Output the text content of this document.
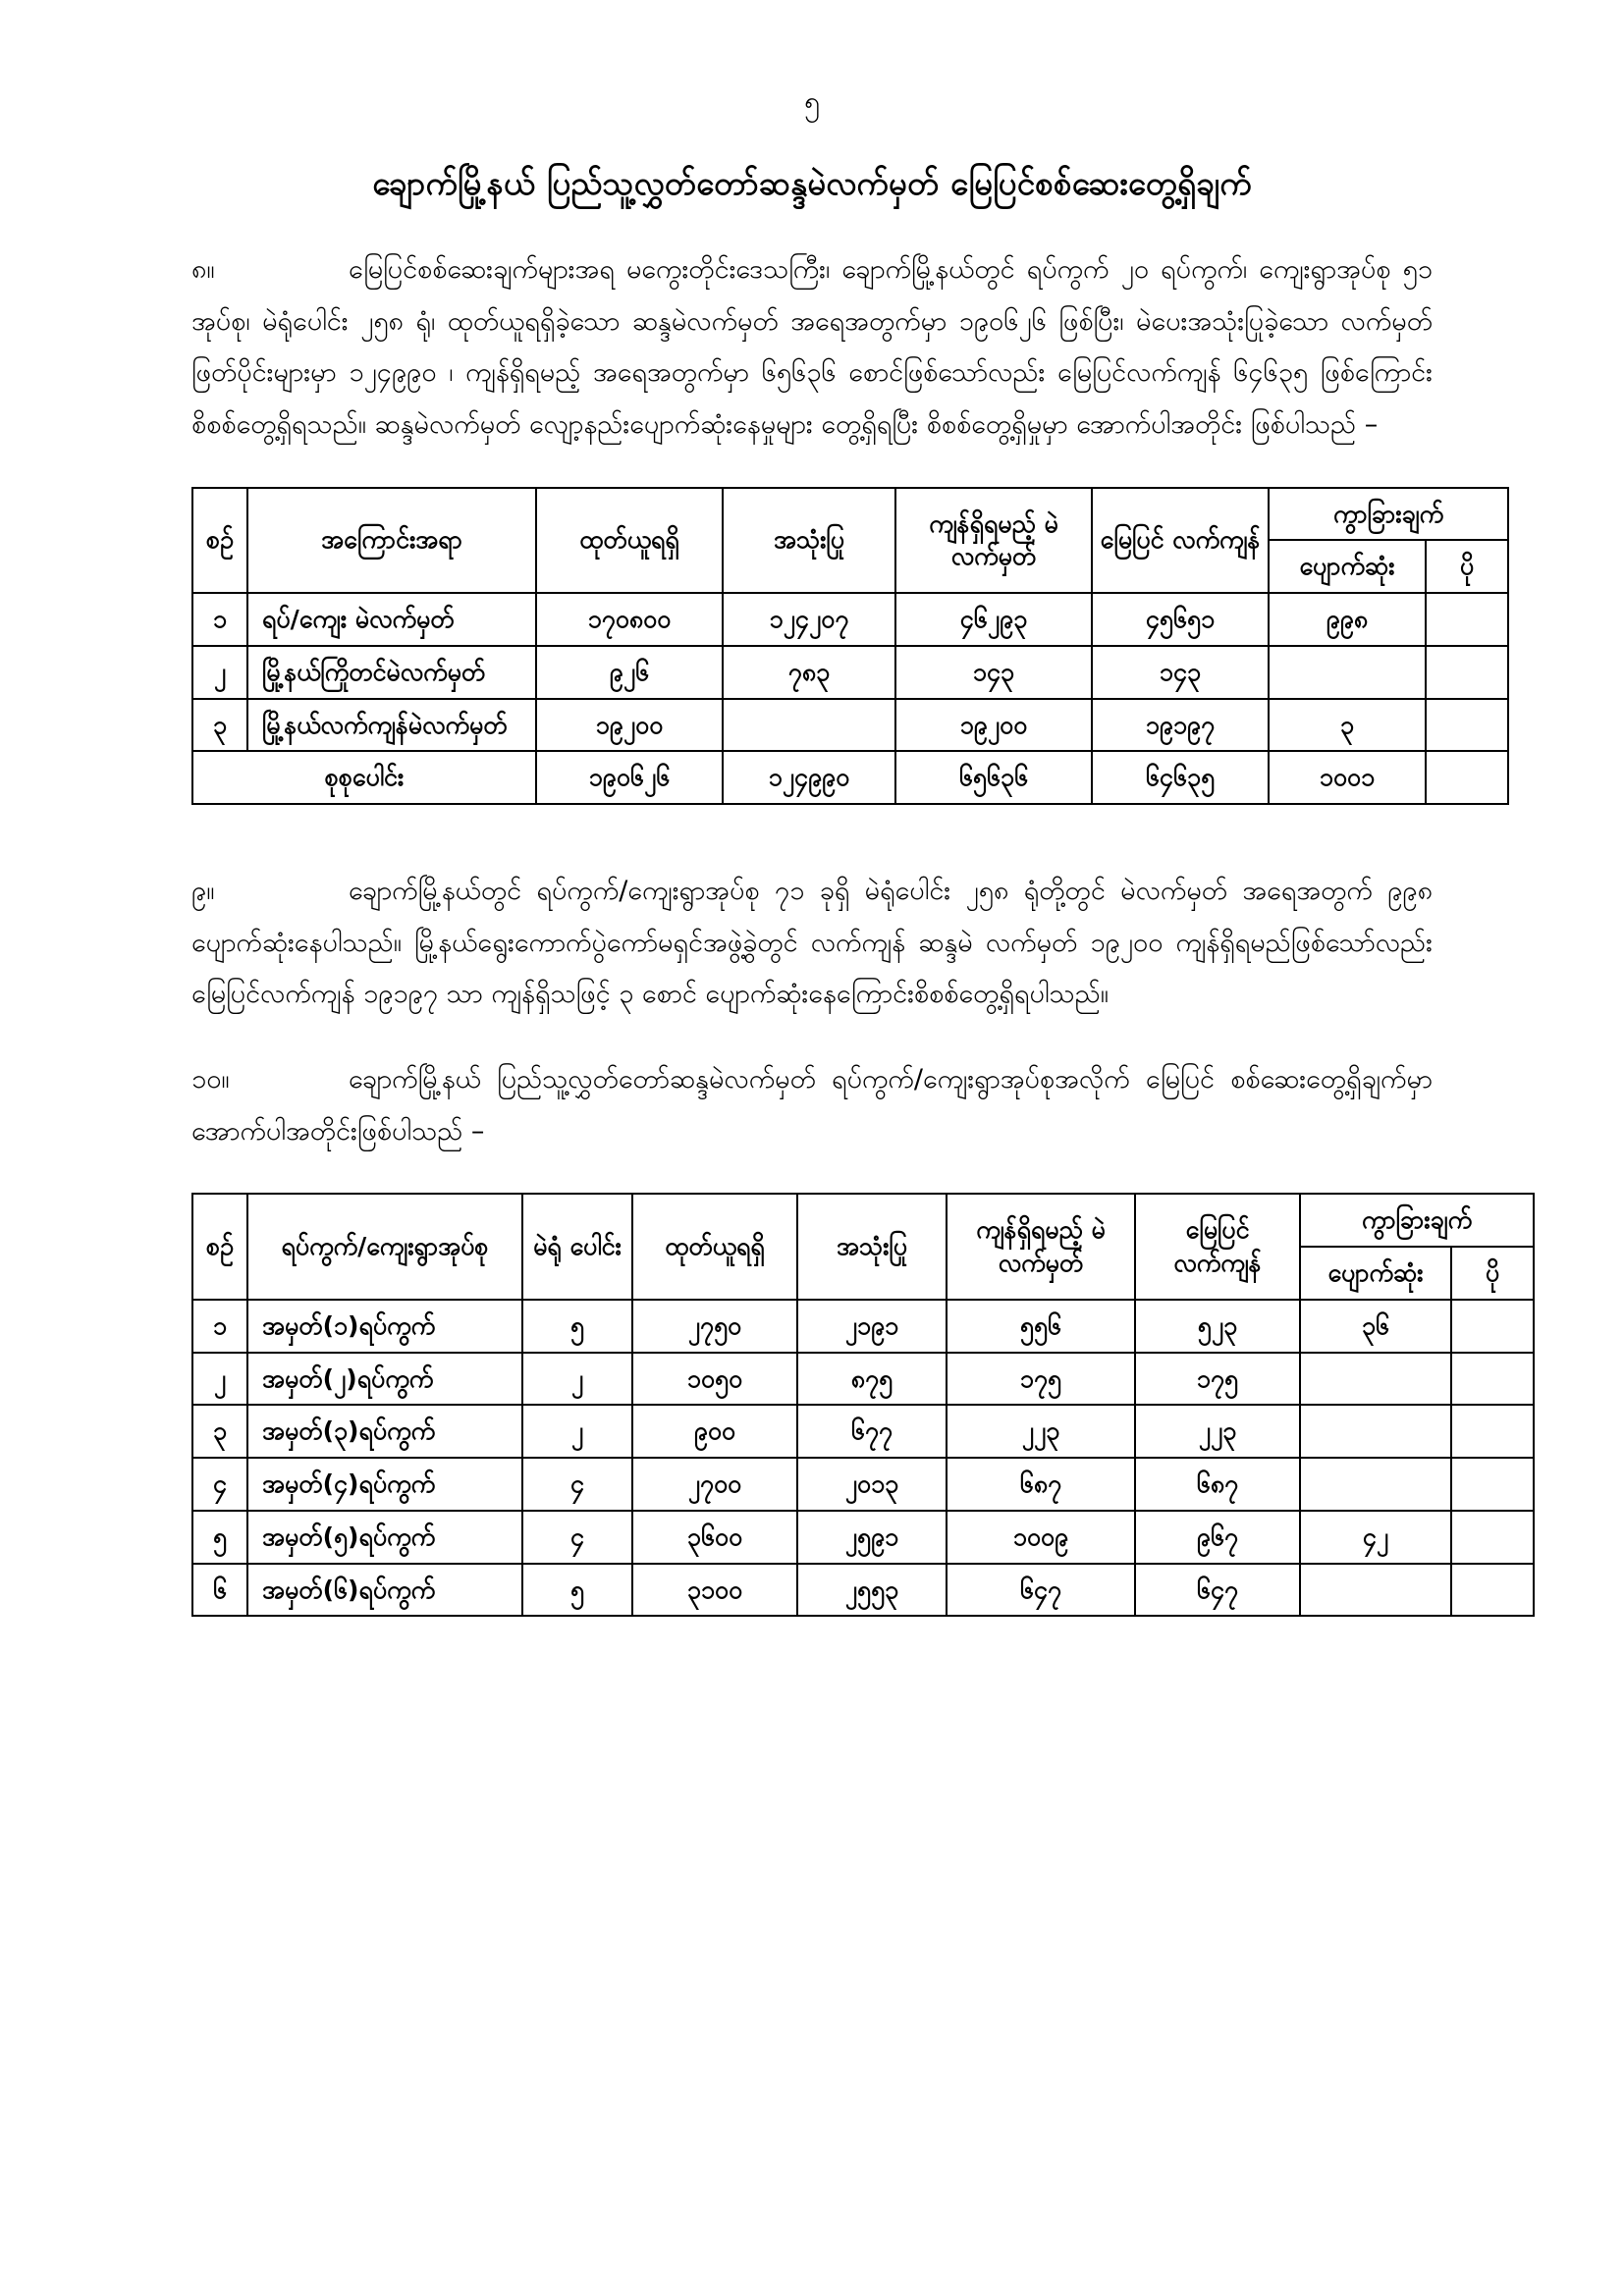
၅
ချောက်မြို့နယ် ပြည်သူ့လွှတ်တော်ဆန္ဒမဲလက်မှတ် မြေပြင်စစ်ဆေးတွေ့ရှိချက်
၈။	မြေပြင်စစ်ဆေးချက်များအရ မကွေးတိုင်းဒေသကြီး၊ ချောက်မြို့နယ်တွင် ရပ်ကွက် ၂၀ ရပ်ကွက်၊ ကျေးရွာအုပ်စု ၅၁ အုပ်စု၊ မဲရုံပေါင်း ၂၅၈ ရုံ၊ ထုတ်ယူရရှိခဲ့သော ဆန္ဒမဲလက်မှတ် အရေအတွက်မှာ ၁၉၀၆၂၆ ဖြစ်ပြီး၊ မဲပေးအသုံးပြုခဲ့သော လက်မှတ်ဖြတ်ပိုင်းများမှာ ၁၂၄၉၉၀ ၊ ကျန်ရှိရမည့် အရေအတွက်မှာ ၆၅၆၃၆ စောင်ဖြစ်သော်လည်း မြေပြင်လက်ကျန် ၆၄၆၃၅ ဖြစ်ကြောင်း စိစစ်တွေ့ရှိရသည်။ ဆန္ဒမဲလက်မှတ် လျော့နည်းပျောက်ဆုံးနေမှုများ တွေ့ရှိရပြီး စိစစ်တွေ့ရှိမှုမှာ အောက်ပါအတိုင်း ဖြစ်ပါသည် –
စဉ်	အကြောင်းအရာ	ထုတ်ယူရရှိ	အသုံးပြု	ကျန်ရှိရမည့် မဲလက်မှတ်	မြေပြင် လက်ကျန်	ကွာခြားချက်	
						ပျောက်ဆုံး	ပို
၁	ရပ်/ကျေး မဲလက်မှတ်	၁၇၀၈၀၀	၁၂၄၂၀၇	၄၆၂၉၃	၄၅၆၅၁	၉၉၈	
၂	မြို့နယ်ကြိုတင်မဲလက်မှတ်	၉၂၆	၇၈၃	၁၄၃	၁၄၃		
၃	မြို့နယ်လက်ကျန်မဲလက်မှတ်	၁၉၂၀၀		၁၉၂၀၀	၁၉၁၉၇	၃	
စုစုပေါင်း		၁၉၀၆၂၆	၁၂၄၉၉၀	၆၅၆၃၆	၆၄၆၃၅	၁၀၀၁	
၉။	ချောက်မြို့နယ်တွင် ရပ်ကွက်/ကျေးရွာအုပ်စု ၇၁ ခုရှိ မဲရုံပေါင်း ၂၅၈ ရုံတို့တွင် မဲလက်မှတ် အရေအတွက် ၉၉၈ ပျောက်ဆုံးနေပါသည်။ မြို့နယ်ရွေးကောက်ပွဲကော်မရှင်အဖွဲ့ခွဲတွင် လက်ကျန် ဆန္ဒမဲ လက်မှတ် ၁၉၂၀၀ ကျန်ရှိရမည်ဖြစ်သော်လည်း မြေပြင်လက်ကျန် ၁၉၁၉၇ သာ ကျန်ရှိသဖြင့် ၃ စောင် ပျောက်ဆုံးနေကြောင်းစိစစ်တွေ့ရှိရပါသည်။
၁၀။	ချောက်မြို့နယ် ပြည်သူ့လွှတ်တော်ဆန္ဒမဲလက်မှတ် ရပ်ကွက်/ကျေးရွာအုပ်စုအလိုက် မြေပြင် စစ်ဆေးတွေ့ရှိချက်မှာ အောက်ပါအတိုင်းဖြစ်ပါသည် –
စဉ်	ရပ်ကွက်/ကျေးရွာအုပ်စု	မဲရုံ ပေါင်း	ထုတ်ယူရရှိ	အသုံးပြု	ကျန်ရှိရမည့် မဲလက်မှတ်	မြေပြင် လက်ကျန်	ကွာခြားချက်	
							ပျောက်ဆုံး	ပို
၁	အမှတ်(၁)ရပ်ကွက်	၅	၂၇၅၀	၂၁၉၁	၅၅၆	၅၂၃	၃၆	
၂	အမှတ်(၂)ရပ်ကွက်	၂	၁၀၅၀	၈၇၅	၁၇၅	၁၇၅		
၃	အမှတ်(၃)ရပ်ကွက်	၂	၉၀၀	၆၇၇	၂၂၃	၂၂၃		
၄	အမှတ်(၄)ရပ်ကွက်	၄	၂၇၀၀	၂၀၁၃	၆၈၇	၆၈၇		
၅	အမှတ်(၅)ရပ်ကွက်	၄	၃၆၀၀	၂၅၉၁	၁၀၀၉	၉၆၇	၄၂	
၆	အမှတ်(၆)ရပ်ကွက်	၅	၃၁၀၀	၂၅၅၃	၆၄၇	၆၄၇		
